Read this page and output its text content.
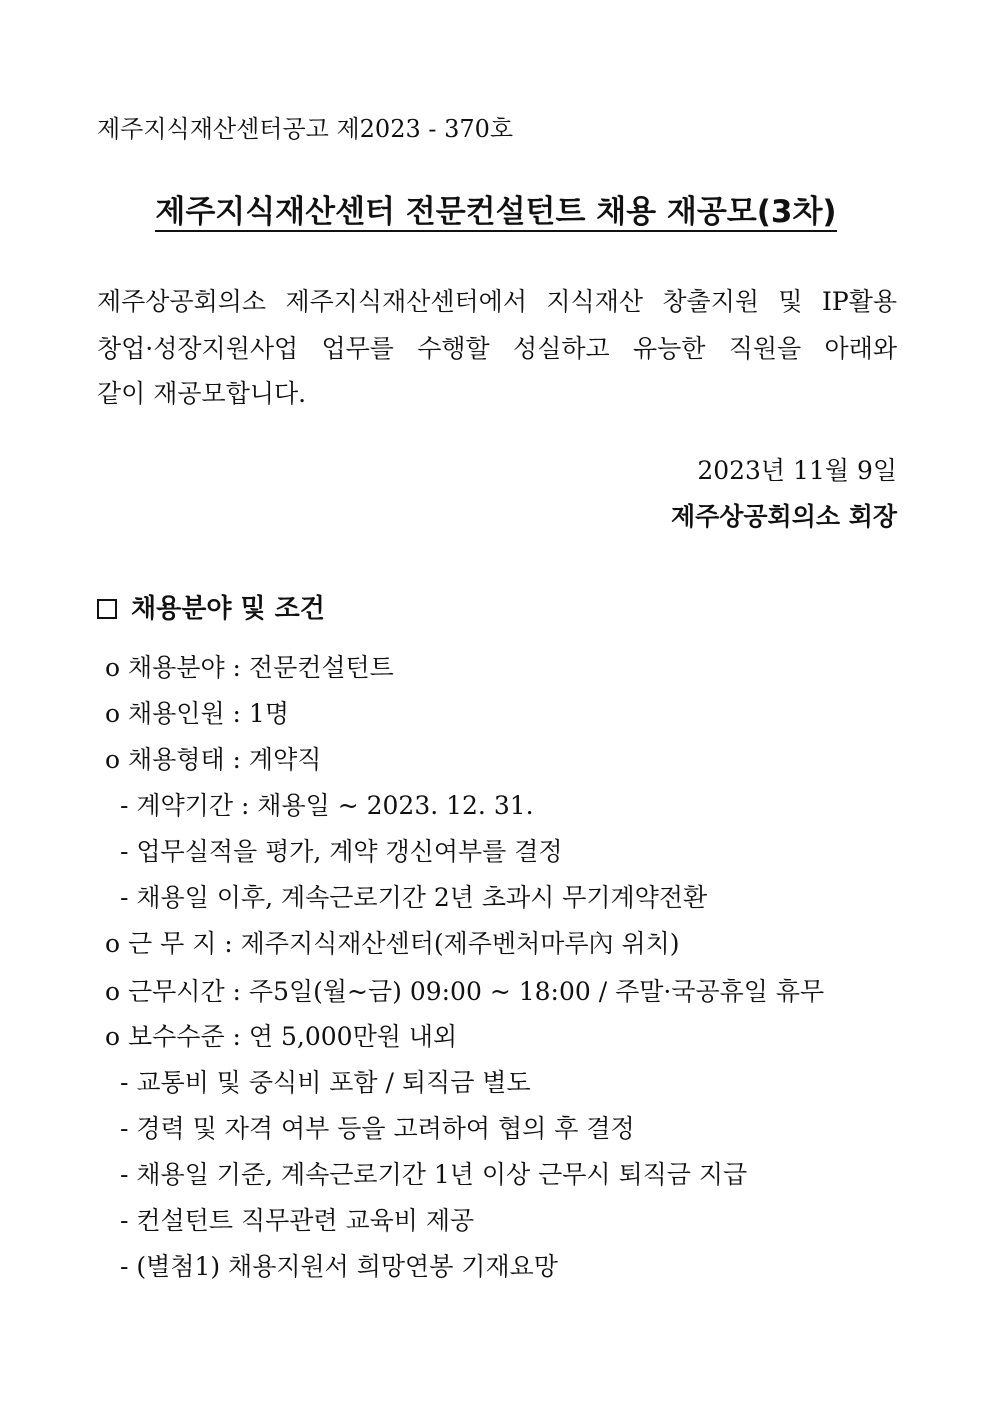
제주지식재산센터공고 제2023 - 370호
제주지식재산센터 전문컨설턴트 채용 재공모(3차)
제주상공회의소 제주지식재산센터에서 지식재산 창출지원 및 IP활용
창업·성장지원사업 업무를 수행할 성실하고 유능한 직원을 아래와
같이 재공모합니다.
2023년 11월 9일
제주상공회의소 회장
채용분야 및 조건
o 채용분야 : 전문컨설턴트
o 채용인원 : 1명
o 채용형태 : 계약직
- 계약기간 : 채용일 ~ 2023. 12. 31.
- 업무실적을 평가, 계약 갱신여부를 결정
- 채용일 이후, 계속근로기간 2년 초과시 무기계약전환
o 근 무 지 : 제주지식재산센터(제주벤처마루內 위치)
o 근무시간 : 주5일(월~금) 09:00 ~ 18:00 / 주말·국공휴일 휴무
o 보수수준 : 연 5,000만원 내외
- 교통비 및 중식비 포함 / 퇴직금 별도
- 경력 및 자격 여부 등을 고려하여 협의 후 결정
- 채용일 기준, 계속근로기간 1년 이상 근무시 퇴직금 지급
- 컨설턴트 직무관련 교육비 제공
- (별첨1) 채용지원서 희망연봉 기재요망
